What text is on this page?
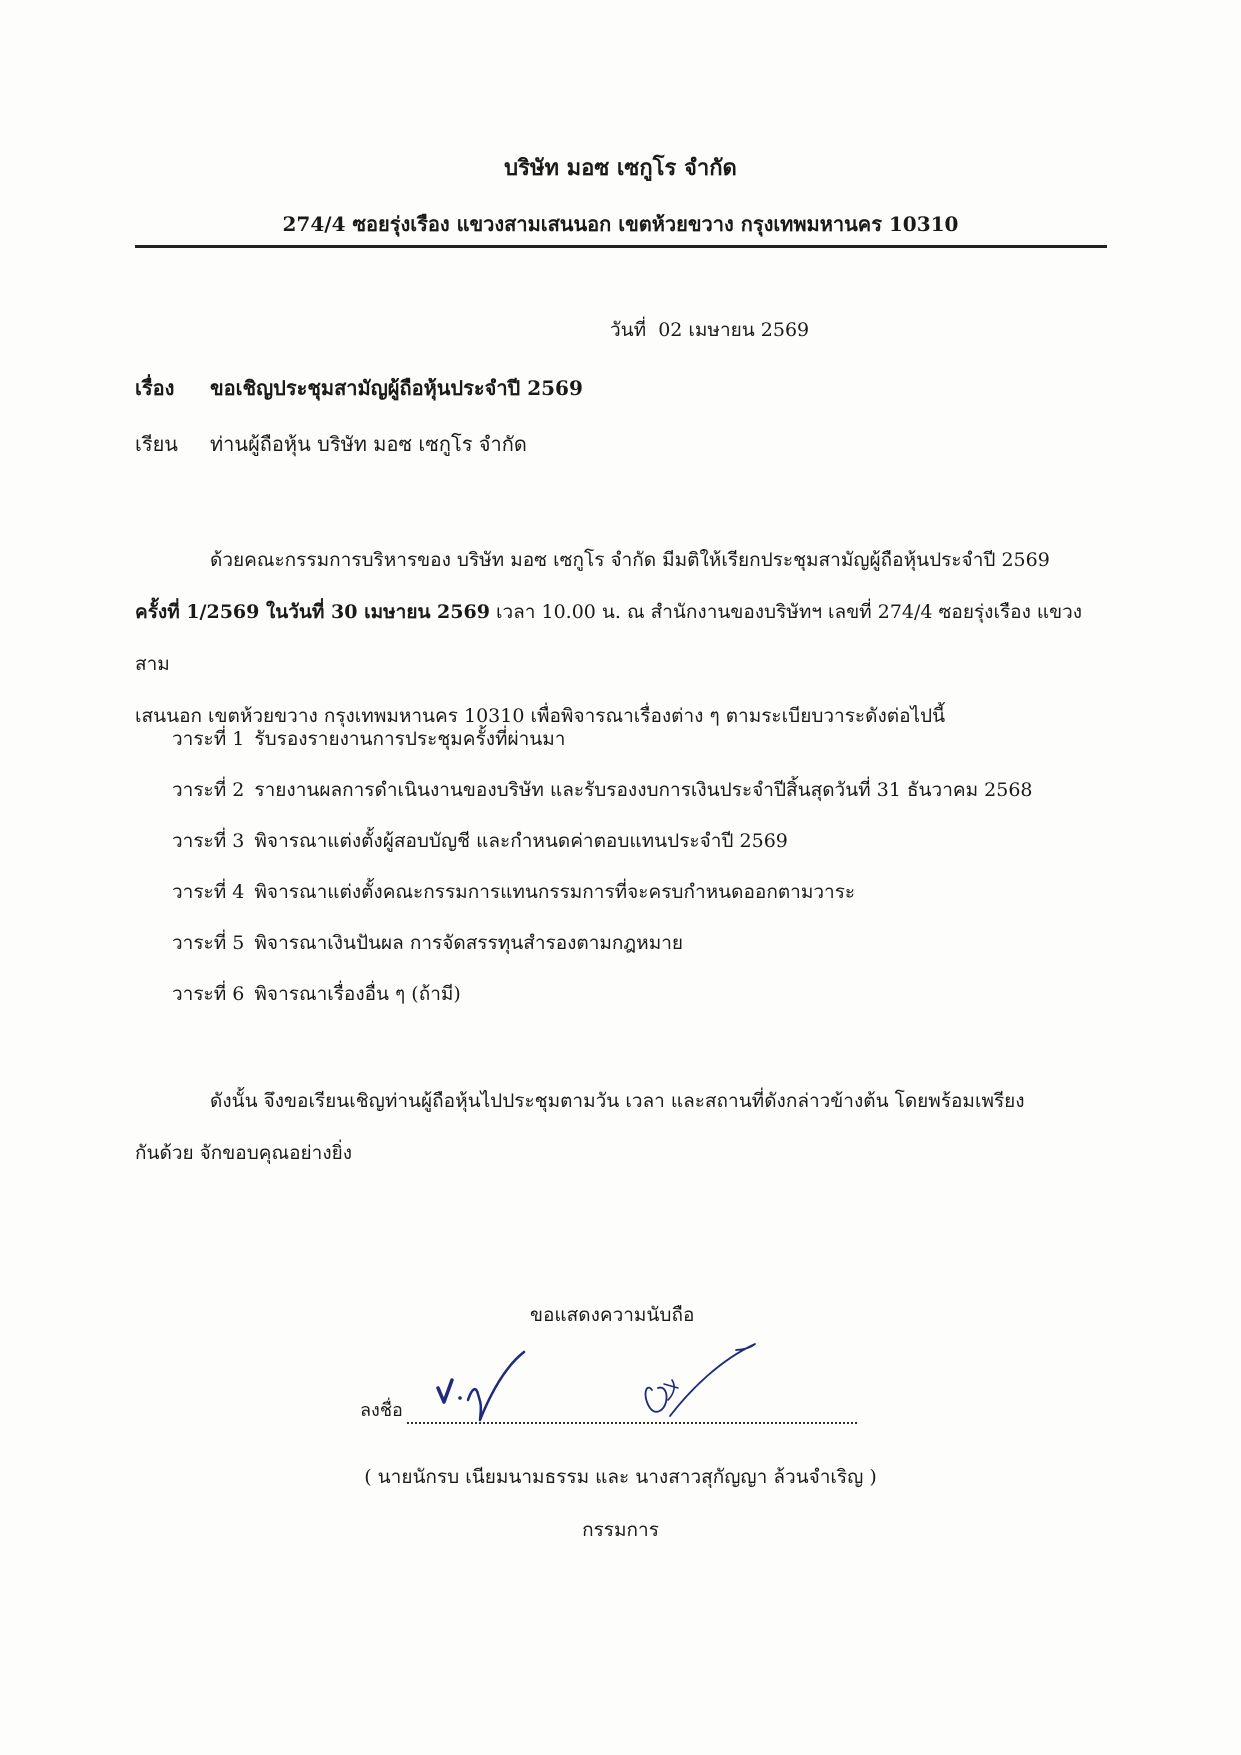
บริษัท มอซ เซกูโร จำกัด
274/4 ซอยรุ่งเรือง แขวงสามเสนนอก เขตห้วยขวาง กรุงเทพมหานคร 10310
วันที่ 02 เมษายน 2569
เรื่อง ขอเชิญประชุมสามัญผู้ถือหุ้นประจำปี 2569
เรียน ท่านผู้ถือหุ้น บริษัท มอซ เซกูโร จำกัด
ด้วยคณะกรรมการบริหารของ บริษัท มอซ เซกูโร จำกัด มีมติให้เรียกประชุมสามัญผู้ถือหุ้นประจำปี 2569
ครั้งที่ 1/2569 ในวันที่ 30 เมษายน 2569 เวลา 10.00 น. ณ สำนักงานของบริษัทฯ เลขที่ 274/4 ซอยรุ่งเรือง แขวงสาม
เสนนอก เขตห้วยขวาง กรุงเทพมหานคร 10310 เพื่อพิจารณาเรื่องต่าง ๆ ตามระเบียบวาระดังต่อไปนี้
วาระที่ 1 รับรองรายงานการประชุมครั้งที่ผ่านมา
วาระที่ 2 รายงานผลการดำเนินงานของบริษัท และรับรองงบการเงินประจำปีสิ้นสุดวันที่ 31 ธันวาคม 2568
วาระที่ 3 พิจารณาแต่งตั้งผู้สอบบัญชี และกำหนดค่าตอบแทนประจำปี 2569
วาระที่ 4 พิจารณาแต่งตั้งคณะกรรมการแทนกรรมการที่จะครบกำหนดออกตามวาระ
วาระที่ 5 พิจารณาเงินปันผล การจัดสรรทุนสำรองตามกฎหมาย
วาระที่ 6 พิจารณาเรื่องอื่น ๆ (ถ้ามี)
ดังนั้น จึงขอเรียนเชิญท่านผู้ถือหุ้นไปประชุมตามวัน เวลา และสถานที่ดังกล่าวข้างต้น โดยพร้อมเพรียง
กันด้วย จักขอบคุณอย่างยิ่ง
ขอแสดงความนับถือ
ลงชื่อ
( นายนักรบ เนียมนามธรรม และ นางสาวสุกัญญา ล้วนจำเริญ )
กรรมการ
